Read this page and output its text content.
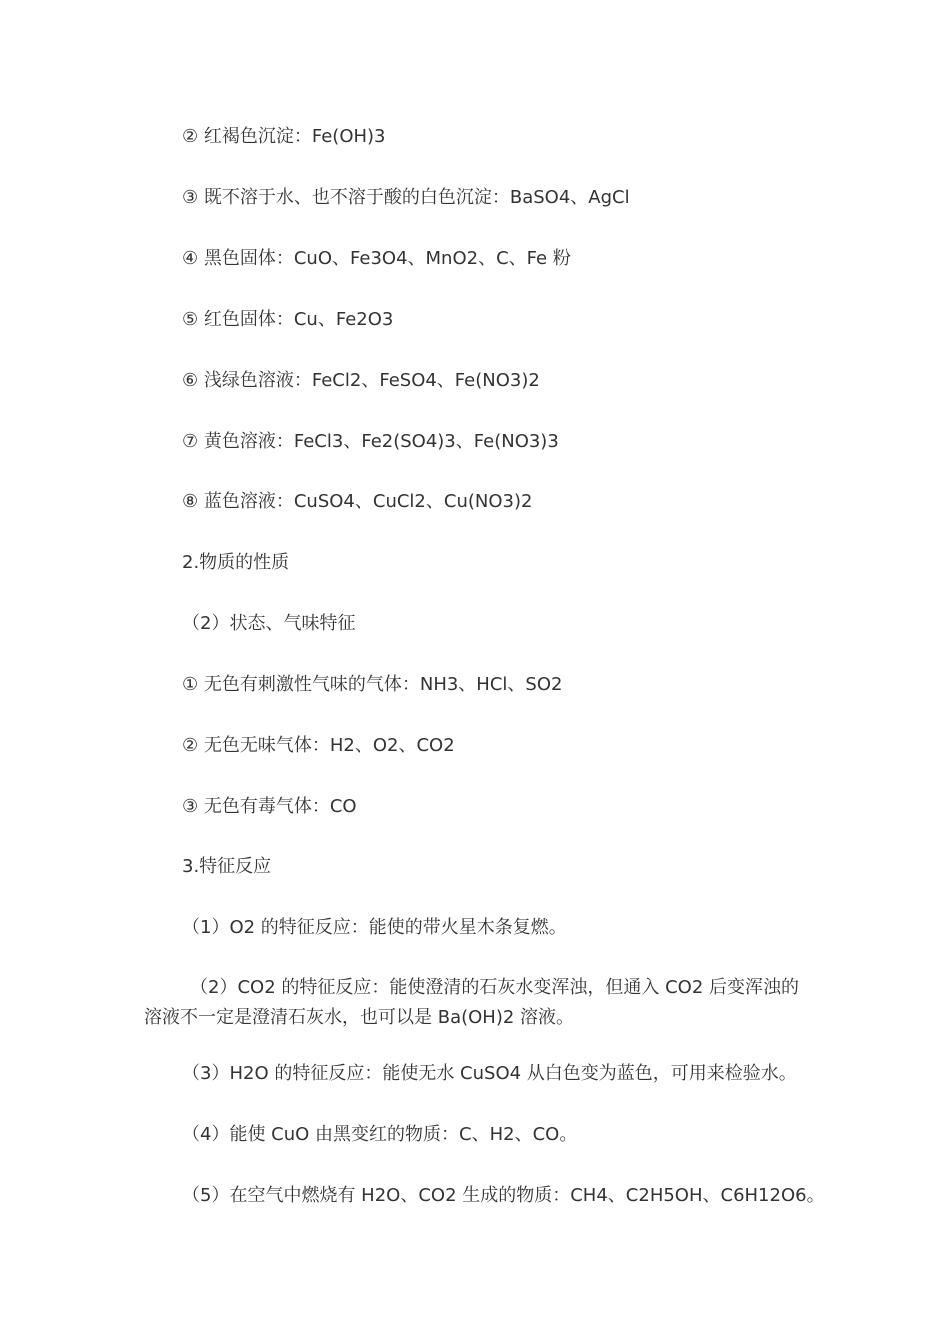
② 红褐色沉淀：Fe(OH)3
③ 既不溶于水、也不溶于酸的白色沉淀：BaSO4、AgCl
④ 黑色固体：CuO、Fe3O4、MnO2、C、Fe 粉
⑤ 红色固体：Cu、Fe2O3
⑥ 浅绿色溶液：FeCl2、FeSO4、Fe(NO3)2
⑦ 黄色溶液：FeCl3、Fe2(SO4)3、Fe(NO3)3
⑧ 蓝色溶液：CuSO4、CuCl2、Cu(NO3)2
2.物质的性质
（2）状态、气味特征
① 无色有刺激性气味的气体：NH3、HCl、SO2
② 无色无味气体：H2、O2、CO2
③ 无色有毒气体：CO
3.特征反应
（1）O2 的特征反应：能使的带火星木条复燃。
（2）CO2 的特征反应：能使澄清的石灰水变浑浊，但通入 CO2 后变浑浊的溶液不一定是澄清石灰水，也可以是 Ba(OH)2 溶液。
（3）H2O 的特征反应：能使无水 CuSO4 从白色变为蓝色，可用来检验水。
（4）能使 CuO 由黑变红的物质：C、H2、CO。
（5）在空气中燃烧有 H2O、CO2 生成的物质：CH4、C2H5OH、C6H12O6。
